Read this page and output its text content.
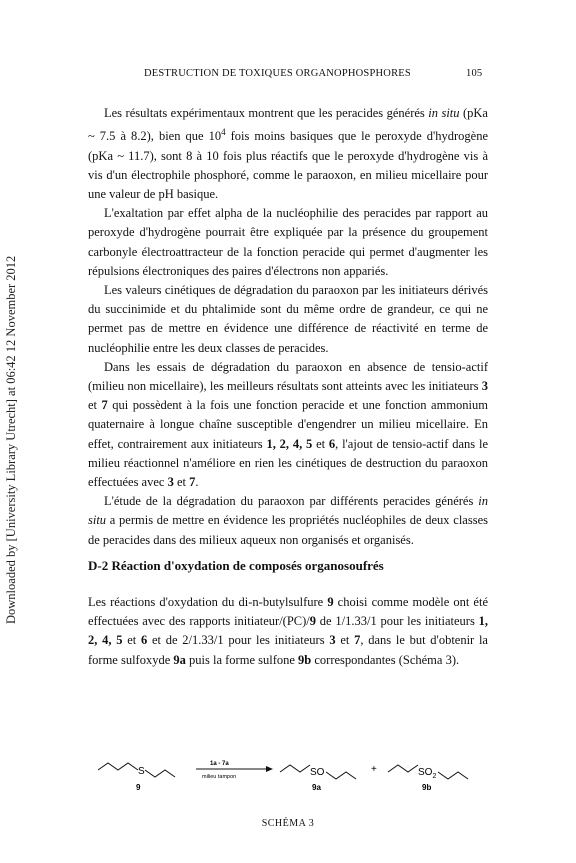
DESTRUCTION DE TOXIQUES ORGANOPHOSPHORES	105
Downloaded by [University Library Utrecht] at 06:42 12 November 2012

Les résultats expérimentaux montrent que les peracides générés in situ (pKa ~ 7.5 à 8.2), bien que $10^4$ fois moins basiques que le peroxyde d'hydrogène (pKa ~ 11.7), sont 8 à 10 fois plus réactifs que le peroxyde d'hydrogène vis à vis d'un électrophile phosphoré, comme le paraoxon, en milieu micellaire pour une valeur de pH basique.

L'exaltation par effet alpha de la nucléophilie des peracides par rapport au peroxyde d'hydrogène pourrait être expliquée par la présence du groupement carbonyle électroattracteur de la fonction peracide qui permet d'augmenter les répulsions électroniques des paires d'électrons non appariés.

Les valeurs cinétiques de dégradation du paraoxon par les initiateurs dérivés du succinimide et du phtalimide sont du même ordre de grandeur, ce qui ne permet pas de mettre en évidence une différence de réactivité en terme de nucléophilie entre les deux classes de peracides.

Dans les essais de dégradation du paraoxon en absence de tensio-actif (milieu non micellaire), les meilleurs résultats sont atteints avec les initiateurs 3 et 7 qui possèdent à la fois une fonction peracide et une fonction ammonium quaternaire à longue chaîne susceptible d'engendrer un milieu micellaire. En effet, contrairement aux initiateurs 1, 2, 4, 5 et 6, l'ajout de tensio-actif dans le milieu réactionnel n'améliore en rien les cinétiques de destruction du paraoxon effectuées avec 3 et 7.

L'étude de la dégradation du paraoxon par différents peracides générés in situ a permis de mettre en évidence les propriétés nucléophiles de deux classes de peracides dans des milieux aqueux non organisés et organisés.

D-2 Réaction d'oxydation de composés organosoufrés

Les réactions d'oxydation du di-n-butylsulfure 9 choisi comme modèle ont été effectuées avec des rapports initiateur/(PC)/9 de 1/1.33/1 pour les initiateurs 1, 2, 4, 5 et 6 et de 2/1.33/1 pour les initiateurs 3 et 7, dans le but d'obtenir la forme sulfoxyde 9a puis la forme sulfone 9b correspondantes (Schéma 3).

S
9
1a - 7a
milieu tampon	SO
9a
+	$SO_2$
9b
SCHÉMA 3
